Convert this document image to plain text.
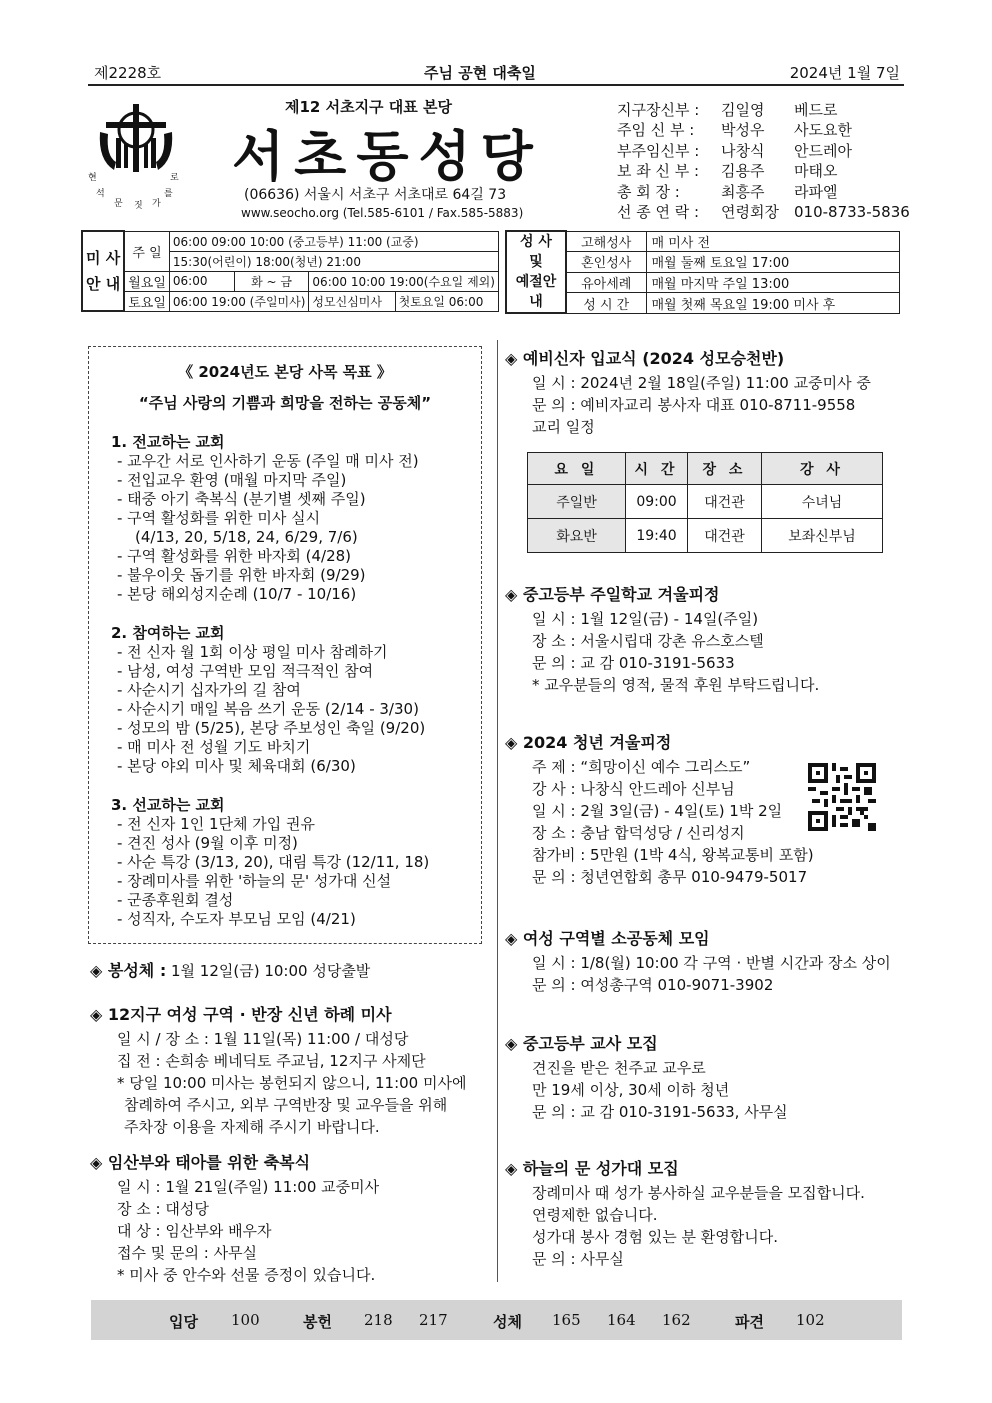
제2228호	주님 공현 대축일	2024년 1월 7일
현	로
석	를
문 짓 가
제12 서초지구 대표 본당
서초동성당
(06636) 서울시 서초구 서초대로 64길 73
www.seocho.org (Tel.585-6101 / Fax.585-5883)
지구장신부 :	김일영	베드로
주임 신 부 :	박성우	사도요한
부주임신부 :	나창식	안드레아
보 좌 신 부 :	김용주	마태오
총 회 장 :	최흥주	라파엘
선 종 연 락 :	연령회장	010-8733-5836
미 사
안 내	주 일	06:00 09:00 10:00 (중고등부) 11:00 (교중)			
		15:30(어린이) 18:00(청년) 21:00			
	월요일	06:00	화 ~ 금	06:00 10:00 19:00(수요일 제외)	
	토요일	06:00 19:00 (주일미사)		성모신심미사	첫토요일 06:00
성 사
및
예절안내	고해성사	매 미사 전
	혼인성사	매월 둘째 토요일 17:00
	유아세례	매월 마지막 주일 13:00
	성 시 간	매월 첫째 목요일 19:00 미사 후
《 2024년도 본당 사목 목표 》
“주님 사랑의 기쁨과 희망을 전하는 공동체”
1. 전교하는 교회
- 교우간 서로 인사하기 운동 (주일 매 미사 전)
- 전입교우 환영 (매월 마지막 주일)
- 태중 아기 축복식 (분기별 셋째 주일)
- 구역 활성화를 위한 미사 실시
(4/13, 20, 5/18, 24, 6/29, 7/6)
- 구역 활성화를 위한 바자회 (4/28)
- 불우이웃 돕기를 위한 바자회 (9/29)
- 본당 해외성지순례 (10/7 - 10/16)
2. 참여하는 교회
- 전 신자 월 1회 이상 평일 미사 참례하기
- 남성, 여성 구역반 모임 적극적인 참여
- 사순시기 십자가의 길 참여
- 사순시기 매일 복음 쓰기 운동 (2/14 - 3/30)
- 성모의 밤 (5/25), 본당 주보성인 축일 (9/20)
- 매 미사 전 성월 기도 바치기
- 본당 야외 미사 및 체육대회 (6/30)
3. 선교하는 교회
- 전 신자 1인 1단체 가입 권유
- 견진 성사 (9월 이후 미정)
- 사순 특강 (3/13, 20), 대림 특강 (12/11, 18)
- 장례미사를 위한 '하늘의 문' 성가대 신설
- 군종후원회 결성
- 성직자, 수도자 부모님 모임 (4/21)
◈ 봉성체 : 1월 12일(금) 10:00 성당출발
◈ 12지구 여성 구역 · 반장 신년 하례 미사
일 시 / 장 소 : 1월 11일(목) 11:00 / 대성당
집 전 : 손희송 베네딕토 주교님, 12지구 사제단
* 당일 10:00 미사는 봉헌되지 않으니, 11:00 미사에
참례하여 주시고, 외부 구역반장 및 교우들을 위해
주차장 이용을 자제해 주시기 바랍니다.
◈ 임산부와 태아를 위한 축복식
일 시 : 1월 21일(주일) 11:00 교중미사
장 소 : 대성당
대 상 : 임산부와 배우자
접수 및 문의 : 사무실
* 미사 중 안수와 선물 증정이 있습니다.
◈ 예비신자 입교식 (2024 성모승천반)
일 시 : 2024년 2월 18일(주일) 11:00 교중미사 중
문 의 : 예비자교리 봉사자 대표 010-8711-9558
교리 일정
요 일	시 간	장 소	강 사
주일반	09:00	대건관	수녀님
화요반	19:40	대건관	보좌신부님
◈ 중고등부 주일학교 겨울피정
일 시 : 1월 12일(금) - 14일(주일)
장 소 : 서울시립대 강촌 유스호스텔
문 의 : 교 감 010-3191-5633
* 교우분들의 영적, 물적 후원 부탁드립니다.
◈ 2024 청년 겨울피정
주 제 : “희망이신 예수 그리스도”
강 사 : 나창식 안드레아 신부님
일 시 : 2월 3일(금) - 4일(토) 1박 2일
장 소 : 충남 합덕성당 / 신리성지
참가비 : 5만원 (1박 4식, 왕복교통비 포함)
문 의 : 청년연합회 총무 010-9479-5017
◈ 여성 구역별 소공동체 모임
일 시 : 1/8(월) 10:00 각 구역 · 반별 시간과 장소 상이
문 의 : 여성총구역 010-9071-3902
◈ 중고등부 교사 모집
견진을 받은 천주교 교우로
만 19세 이상, 30세 이하 청년
문 의 : 교 감 010-3191-5633, 사무실
◈ 하늘의 문 성가대 모집
장례미사 때 성가 봉사하실 교우분들을 모집합니다.
연령제한 없습니다.
성가대 봉사 경험 있는 분 환영합니다.
문 의 : 사무실
입당 100	봉헌 218 217	성체 165 164 162	파견 102
